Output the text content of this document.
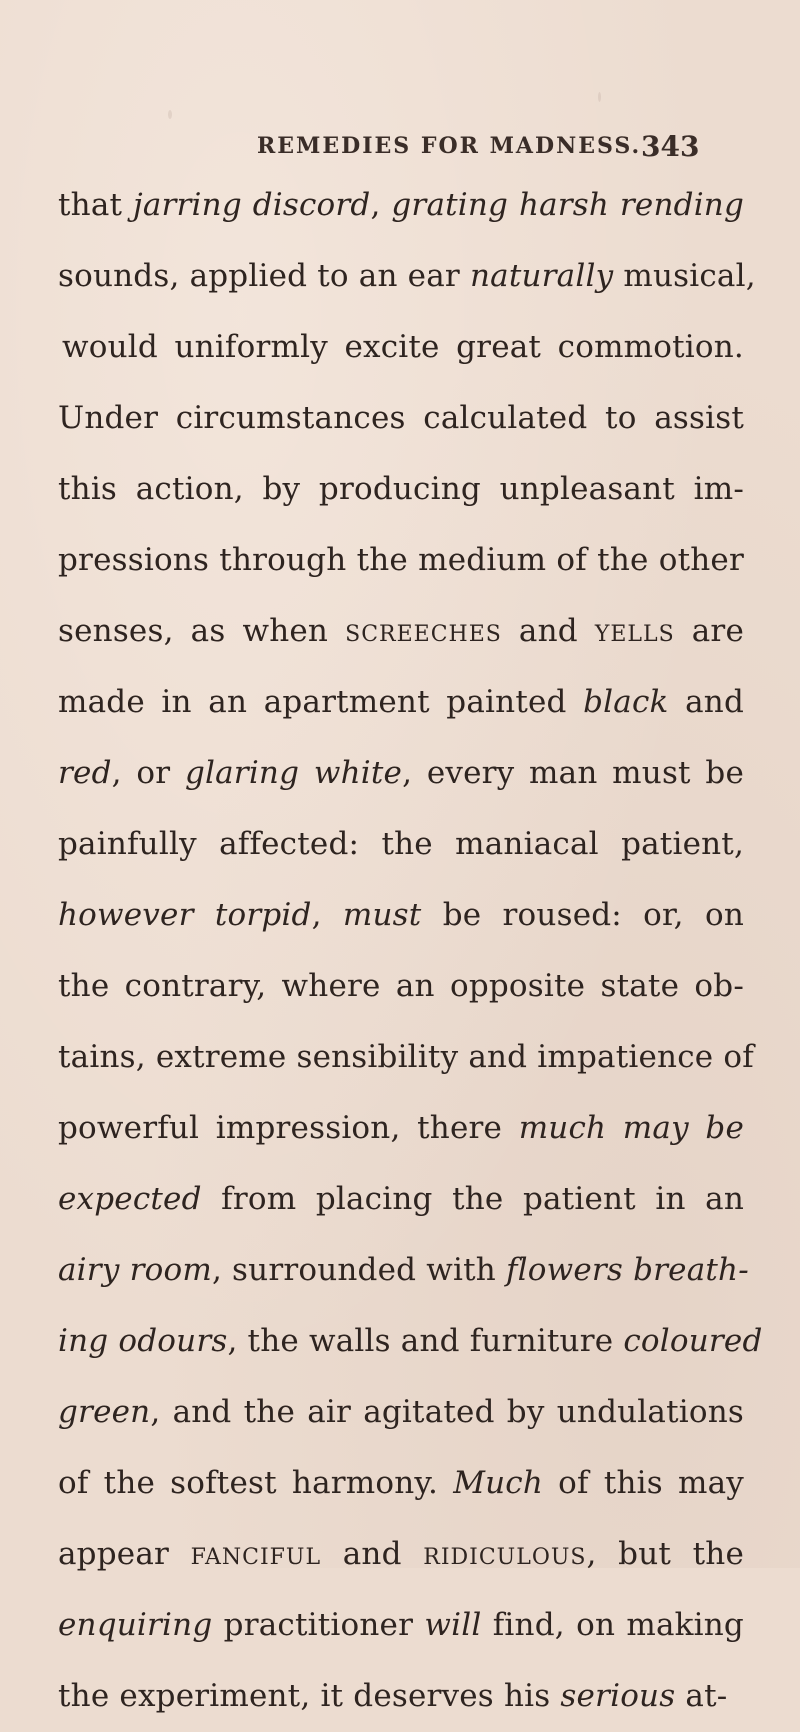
REMEDIES FOR MADNESS. 343
that jarring discord, grating harsh rending
sounds, applied to an ear naturally musical,
would uniformly excite great commotion.
Under circumstances calculated to assist
this action, by producing unpleasant im-
pressions through the medium of the other
senses, as when screeches and yells are
made in an apartment painted black and
red, or glaring white, every man must be
painfully affected: the maniacal patient,
however torpid, must be roused: or, on
the contrary, where an opposite state ob-
tains, extreme sensibility and impatience of
powerful impression, there much may be
expected from placing the patient in an
airy room, surrounded with flowers breath-
ing odours, the walls and furniture coloured
green, and the air agitated by undulations
of the softest harmony. Much of this may
appear fanciful and ridiculous, but the
enquiring practitioner will find, on making
the experiment, it deserves his serious at-
